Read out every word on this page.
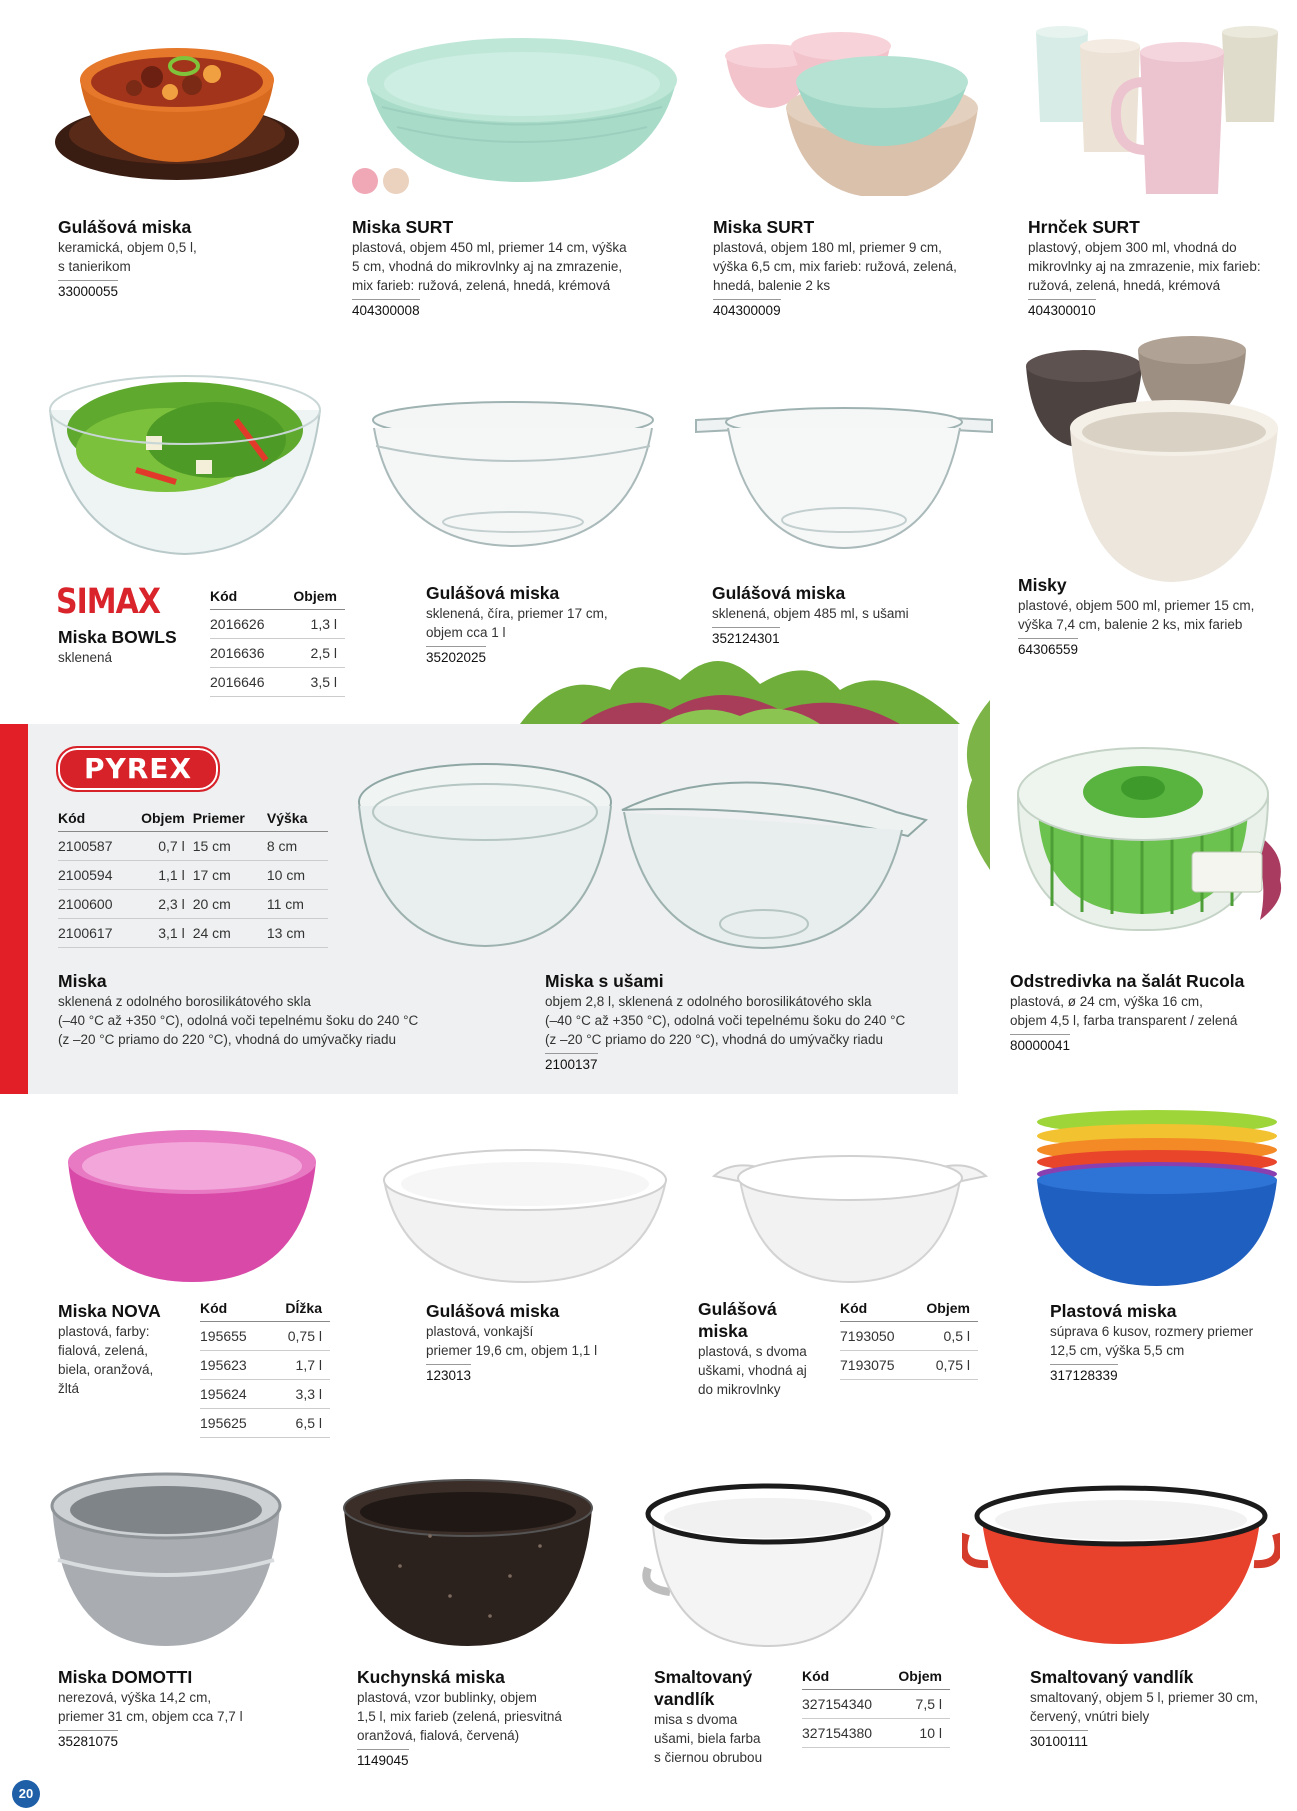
Gulášová miska
keramická, objem 0,5 l,
s tanierikom
33000055
Miska SURT
plastová, objem 450 ml, priemer 14 cm, výška
5 cm, vhodná do mikrovlnky aj na zmrazenie,
mix farieb: ružová, zelená, hnedá, krémová
404300008
Miska SURT
plastová, objem 180 ml, priemer 9 cm,
výška 6,5 cm, mix farieb: ružová, zelená,
hnedá, balenie 2 ks
404300009
Hrnček SURT
plastový, objem 300 ml, vhodná do
mikrovlnky aj na zmrazenie, mix farieb:
ružová, zelená, hnedá, krémová
404300010
SIMAX
Miska BOWLS
sklenená
Kód	Objem
2016626	1,3 l
2016636	2,5 l
2016646	3,5 l
Gulášová miska
sklenená, číra, priemer 17 cm,
objem cca 1 l
35202025
Gulášová miska
sklenená, objem 485 ml, s ušami
352124301
Misky
plastové, objem 500 ml, priemer 15 cm,
výška 7,4 cm, balenie 2 ks, mix farieb
64306559
PYREX
Kód	Objem	Priemer	Výška
2100587	0,7 l	15 cm	8 cm
2100594	1,1 l	17 cm	10 cm
2100600	2,3 l	20 cm	11 cm
2100617	3,1 l	24 cm	13 cm
Miska
sklenená z odolného borosilikátového skla
(–40 °C až +350 °C), odolná voči tepelnému šoku do 240 °C
(z –20 °C priamo do 220 °C), vhodná do umývačky riadu
Miska s ušami
objem 2,8 l, sklenená z odolného borosilikátového skla
(–40 °C až +350 °C), odolná voči tepelnému šoku do 240 °C
(z –20 °C priamo do 220 °C), vhodná do umývačky riadu
2100137
Odstredivka na šalát Rucola
plastová, ø 24 cm, výška 16 cm,
objem 4,5 l, farba transparent / zelená
80000041
Miska NOVA
plastová, farby:
fialová, zelená,
biela, oranžová,
žltá
Kód	Dĺžka
195655	0,75 l
195623	1,7 l
195624	3,3 l
195625	6,5 l
Gulášová miska
plastová, vonkajší
priemer 19,6 cm, objem 1,1 l
123013
Gulášová
miska
plastová, s dvoma
uškami, vhodná aj
do mikrovlnky
Kód	Objem
7193050	0,5 l
7193075	0,75 l
Plastová miska
súprava 6 kusov, rozmery priemer
12,5 cm, výška 5,5 cm
317128339
Miska DOMOTTI
nerezová, výška 14,2 cm,
priemer 31 cm, objem cca 7,7 l
35281075
Kuchynská miska
plastová, vzor bublinky, objem
1,5 l, mix farieb (zelená, priesvitná
oranžová, fialová, červená)
1149045
Smaltovaný
vandlík
misa s dvoma
ušami, biela farba
s čiernou obrubou
Kód	Objem
327154340	7,5 l
327154380	10 l
Smaltovaný vandlík
smaltovaný, objem 5 l, priemer 30 cm,
červený, vnútri biely
30100111
20
